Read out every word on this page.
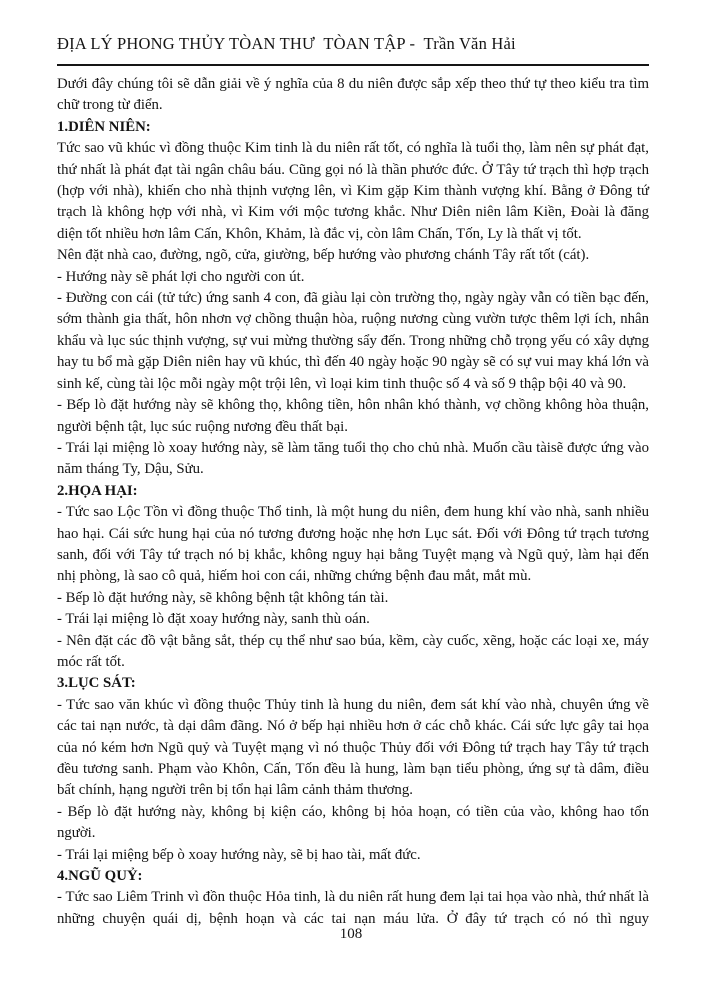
ĐỊA LÝ PHONG THỦY TÒAN THƯ  TÒAN TẬP -  Trần Văn Hải

Dưới đây chúng tôi sẽ dẫn giải về ý nghĩa của 8 du niên được sắp xếp theo thứ tự theo kiểu tra tìm chữ trong từ điển.

1.DIÊN NIÊN:

Tức sao vũ khúc vì đồng thuộc Kim tinh là du niên rất tốt, có nghĩa là tuổi thọ, làm nên sự phát đạt, thứ nhất là phát đạt tài ngân châu báu. Cũng gọi nó là thần phước đức. Ở Tây tứ trạch thì hợp trạch (hợp với nhà), khiến cho nhà thịnh vượng lên, vì Kim gặp Kim thành vượng khí. Bằng ở Đông tứ trạch là không hợp với nhà, vì Kim với mộc tương khắc. Như Diên niên lâm Kiền, Đoài là đăng diện tốt nhiều hơn lâm Cấn, Khôn, Khảm, là đắc vị, còn lâm Chấn, Tốn, Ly là thất vị tốt.

Nên đặt nhà cao, đường, ngõ, cửa, giường, bếp hướng vào phương chánh Tây rất tốt (cát).

- Hướng này sẽ phát lợi cho người con út.

- Đường con cái (tử tức) ứng sanh 4 con, đã giàu lại còn trường thọ, ngày ngày vẫn có tiền bạc đến, sớm thành gia thất, hôn nhơn vợ chồng thuận hòa, ruộng nương cùng vườn tược thêm lợi ích, nhân khẩu và lục súc thịnh vượng, sự vui mừng thường sẩy đến. Trong những chỗ trọng yếu có xây dựng hay tu bổ mà gặp Diên niên hay vũ khúc, thì đến 40 ngày hoặc 90 ngày sẽ có sự vui may khá lớn và sinh kế, cùng tài lộc mỗi ngày một trội lên, vì loại kim tinh thuộc số 4 và số 9 thập bội 40 và 90.

- Bếp lò đặt hướng này sẽ không thọ, không tiền, hôn nhân khó thành, vợ chồng không hòa thuận, người bệnh tật, lục súc ruộng nương đều thất bại.

- Trái lại miệng lò xoay hướng này, sẽ làm tăng tuổi thọ cho chủ nhà. Muốn cầu tàisẽ được ứng vào năm tháng Ty, Dậu, Sửu.

2.HỌA HẠI:

- Tức sao Lộc Tồn vì đồng thuộc Thổ tinh, là một hung du niên, đem hung khí vào nhà, sanh nhiều hao hại. Cái sức hung hại của nó tương đương hoặc nhẹ hơn Lục sát. Đối với Đông tứ trạch tương sanh, đối với Tây tứ trạch nó bị khắc, không nguy hại bằng Tuyệt mạng và Ngũ quỷ, làm hại đến nhị phòng, là sao cô quả, hiếm hoi con cái, những chứng bệnh đau mắt, mắt mù.

- Bếp lò đặt hướng này, sẽ không bệnh tật không tán tài.

- Trái lại miệng lò đặt xoay hướng này, sanh thù oán.

- Nên đặt các đồ vật bằng sắt, thép cụ thể như sao búa, kềm, cày cuốc, xẽng, hoặc các loại xe, máy móc rất tốt.

3.LỤC SÁT:

- Tức sao văn khúc vì đồng thuộc Thủy tinh là hung du niên, đem sát khí vào nhà, chuyên ứng về các tai nạn nước, tà dại dâm đãng. Nó ở bếp hại nhiều hơn ở các chỗ khác. Cái sức lực gây tai họa của nó kém hơn Ngũ quỷ và Tuyệt mạng vì nó thuộc Thủy đối với Đông tứ trạch hay Tây tứ trạch đều tương sanh. Phạm vào Khôn, Cấn, Tốn đều là hung, làm bạn tiểu phòng, ứng sự tà dâm, điều bất chính, hạng người trên bị tổn hại lâm cảnh thảm thương.

- Bếp lò đặt hướng này, không bị kiện cáo, không bị hỏa hoạn, có tiền của vào, không hao tổn người.

- Trái lại miệng bếp ò xoay hướng này, sẽ bị hao tài, mất đức.

4.NGŨ QUỶ:

- Tức sao Liêm Trinh vì đồn thuộc Hỏa tinh, là du niên rất hung đem lại tai họa vào nhà, thứ nhất là những chuyện quái dị, bệnh hoạn và các tai nạn máu lửa. Ở đây tứ trạch có nó thì nguy

108
